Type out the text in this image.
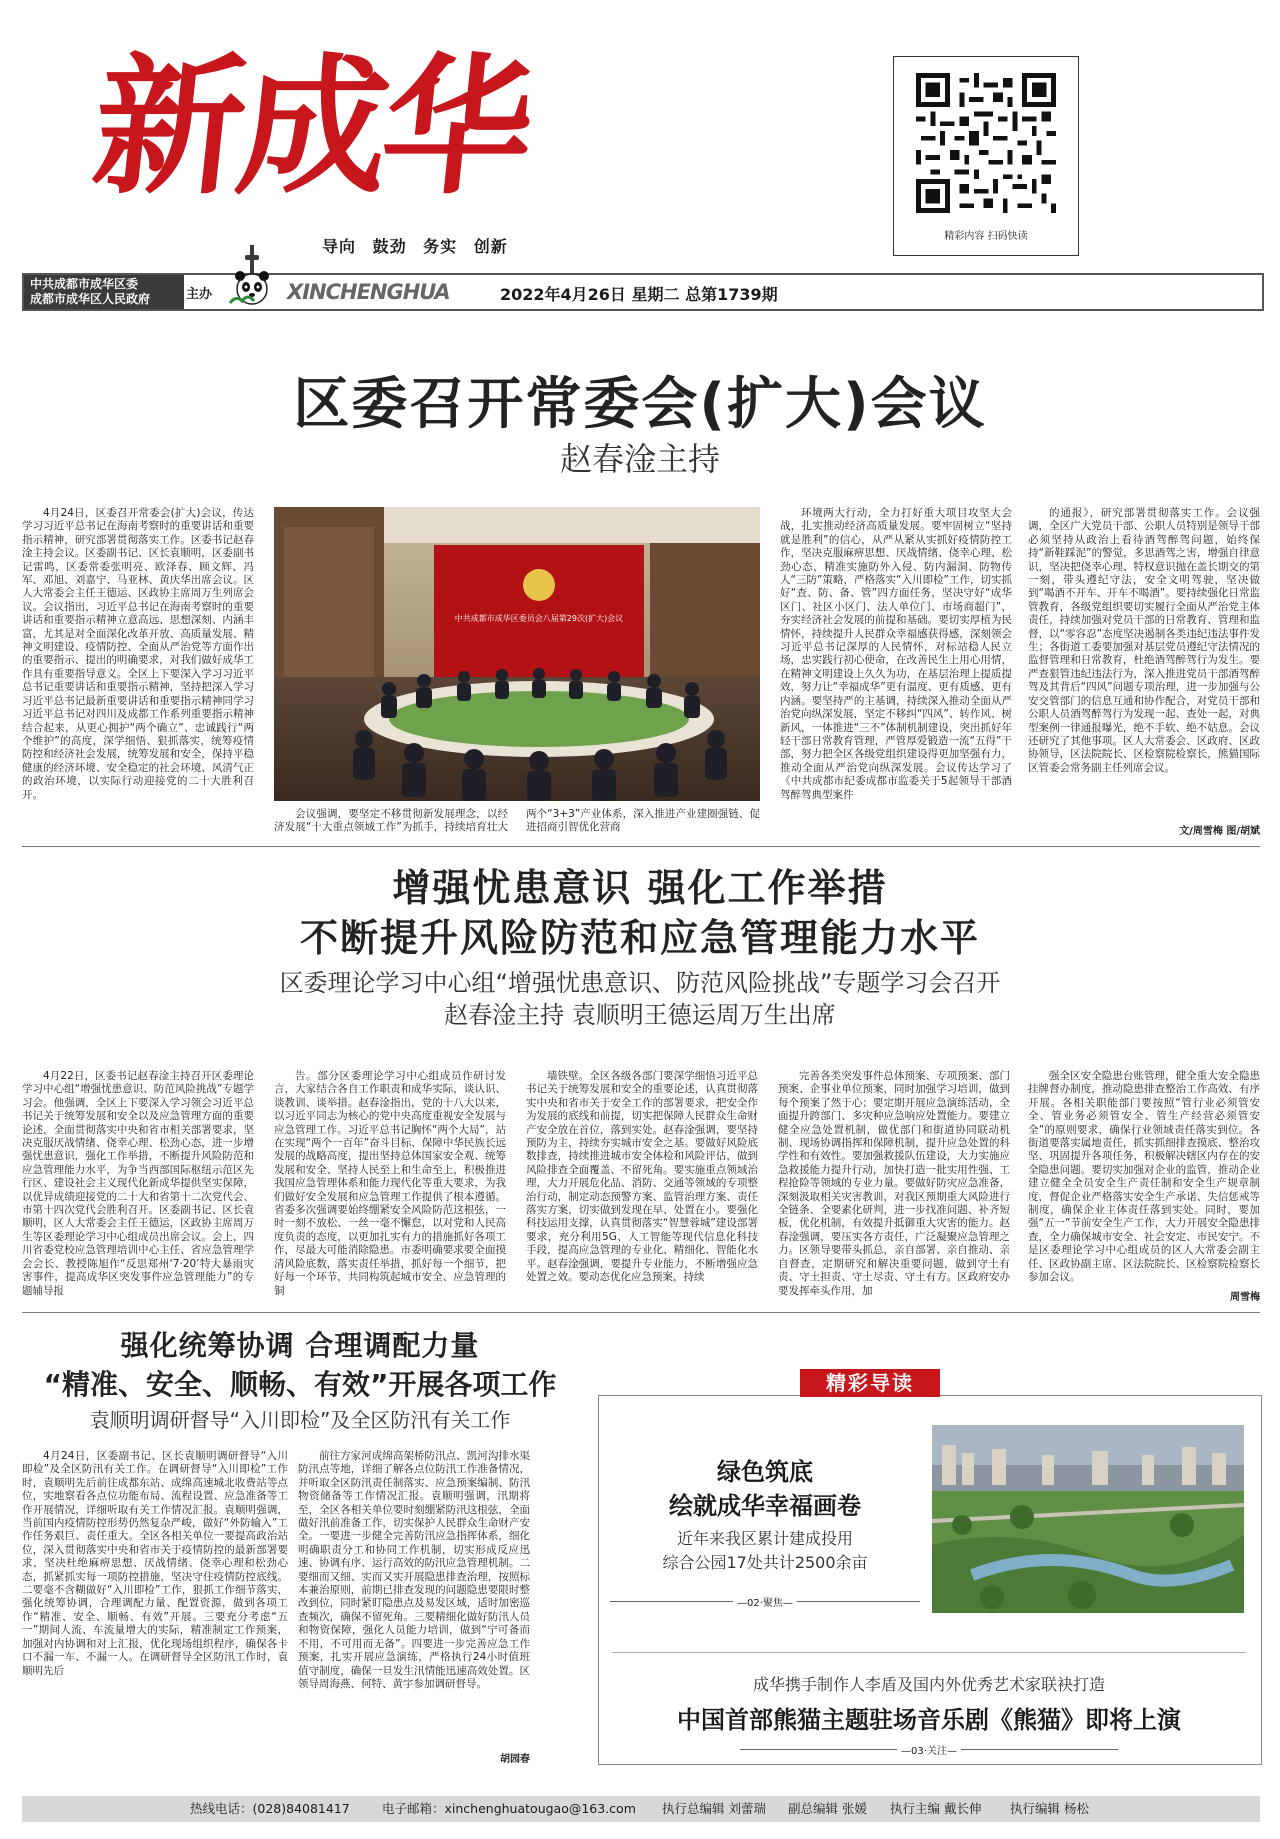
新成华
导向 鼓劲 务实 创新
精彩内容 扫码快读
中共成都市成华区委
成都市成华区人民政府	主办	XINCHENGHUA	2022年4月26日 星期二 总第1739期
区委召开常委会(扩大)会议
赵春淦主持

4月24日，区委召开常委会(扩大)会议，传达学习习近平总书记在海南考察时的重要讲话和重要指示精神，研究部署贯彻落实工作。区委书记赵春淦主持会议。区委副书记、区长袁顺明，区委副书记雷鸣，区委常委张明亮、欧泽春、顾文辉、冯军、邓旭、刘嘉宁、马亚林、黄庆华出席会议。区人大常委会主任王德运、区政协主席周万生列席会议。会议指出，习近平总书记在海南考察时的重要讲话和重要指示精神立意高远、思想深刻、内涵丰富，尤其是对全面深化改革开放、高质量发展、精神文明建设、疫情防控、全面从严治党等方面作出的重要指示、提出的明确要求，对我们做好成华工作具有重要指导意义。全区上下要深入学习习近平总书记重要讲话和重要指示精神，坚持把深入学习习近平总书记最新重要讲话和重要指示精神同学习习近平总书记对四川及成都工作系列重要指示精神结合起来，从更心拥护“两个确立”、忠诚践行“两个维护”的高度，深学细悟、狠抓落实，统筹疫情防控和经济社会发展，统筹发展和安全，保持平稳健康的经济环境、安全稳定的社会环境、风清气正的政治环境，以实际行动迎接党的二十大胜利召开。

中共成都市成华区委员会八届第29次(扩大)会议

会议强调，要坚定不移贯彻新发展理念，以经济发展“十大重点领域工作”为抓手，持续培育壮大两个“3+3”产业体系，深入推进产业建圈强链、促进招商引智优化营商

环境两大行动，全力打好重大项目攻坚大会战，扎实推动经济高质量发展。要牢固树立“坚持就是胜利”的信心，从严从紧从实抓好疫情防控工作，坚决克服麻痹思想、厌战情绪、侥幸心理、松劲心态，精准实施防外入侵、防内漏洞、防物传人“三防”策略，严格落实“入川即检”工作，切实抓好“查、防、备、管”四方面任务，坚决守好“成华区门、社区小区门、法人单位门、市场商超门”，夯实经济社会发展的前提和基础。要切实厚植为民情怀，持续提升人民群众幸福感获得感，深刻领会习近平总书记深厚的人民情怀，对标站稳人民立场，忠实践行初心使命，在改善民生上用心用情，在精神文明建设上久久为功，在基层治理上提质提效，努力让“幸福成华”更有温度、更有质感、更有内涵。要坚持严的主基调，持续深入推动全面从严治党向纵深发展，坚定不移纠“四风”、转作风、树新风，一体推进“三不”体制机制建设，突出抓好年轻干部日常教育管理，严管厚爱锻造一流“五得”干部，努力把全区各级党组织建设得更加坚强有力，推动全面从严治党向纵深发展。会议传达学习了《中共成都市纪委成都市监委关于5起领导干部酒驾醉驾典型案件

的通报》，研究部署贯彻落实工作。会议强调，全区广大党员干部、公职人员特别是领导干部必须坚持从政治上看待酒驾醉驾问题，始终保持“新鞋踩泥”的警觉，多思酒驾之害，增强自律意识，坚决把侥幸心理、特权意识抛在盖长期交的第一刻，带头遵纪守法，安全文明驾驶，坚决做到“喝酒不开车、开车不喝酒”。要持续强化日常监管教育，各级党组织要切实履行全面从严治党主体责任，持续加强对党员干部的日常教育、管理和监督，以“零容忍”态度坚决遏制各类违纪违法事件发生；各街道工委要加强对基层党员遵纪守法情况的监督管理和日常教育，杜绝酒驾醉驾行为发生。要严查狠管违纪违法行为，深入推进党员干部酒驾醉驾及其背后“四风”问题专项治理，进一步加强与公安交管部门的信息互通和协作配合，对党员干部和公职人员酒驾醉驾行为发现一起、查处一起，对典型案例一律通报曝光，绝不手软、绝不姑息。会议还研究了其他事项。区人大常委会、区政府、区政协领导，区法院院长、区检察院检察长，熊猫国际区管委会常务副主任列席会议。

文/周雪梅 图/胡斌
增强忧患意识 强化工作举措
不断提升风险防范和应急管理能力水平
区委理论学习中心组“增强忧患意识、防范风险挑战”专题学习会召开
赵春淦主持 袁顺明王德运周万生出席

4月22日，区委书记赵春淦主持召开区委理论学习中心组“增强忧患意识、防范风险挑战”专题学习会。他强调，全区上下要深入学习领会习近平总书记关于统筹发展和安全以及应急管理方面的重要论述，全面贯彻落实中央和省市相关部署要求，坚决克服厌战情绪、侥幸心理、松劲心态，进一步增强忧患意识，强化工作举措，不断提升风险防范和应急管理能力水平，为争当西部国际枢纽示范区先行区、建设社会主义现代化新成华提供坚实保障，以优异成绩迎接党的二十大和省第十二次党代会、市第十四次党代会胜利召开。区委副书记、区长袁顺明，区人大常委会主任王德运，区政协主席周万生等区委理论学习中心组成员出席会议。会上，四川省委党校应急管理培训中心主任、省应急管理学会会长、教授陈旭作“反思郑州‘7·20’特大暴雨灾害事件，提高成华区突发事件应急管理能力”的专题辅导报

告。部分区委理论学习中心组成员作研讨发言，大家结合各自工作职责和成华实际，谈认识、谈教训、谈举措。赵春淦指出，党的十八大以来，以习近平同志为核心的党中央高度重视安全发展与应急管理工作。习近平总书记胸怀“两个大局”，站在实现“两个一百年”奋斗目标、保障中华民族长远发展的战略高度，提出坚持总体国家安全观、统筹发展和安全、坚持人民至上和生命至上，积极推进我国应急管理体系和能力现代化等重大要求，为我们做好安全发展和应急管理工作提供了根本遵循。省委多次强调要始终绷紧安全风险防范这根弦，一时一刻不放松、一丝一毫不懈怠，以对党和人民高度负责的态度，以更加扎实有力的措施抓好各项工作，尽最大可能消除隐患。市委明确要求要全面摸清风险底数，落实责任举措，抓好每一个细节，把好每一个环节，共同构筑起城市安全、应急管理的铜

墙铁壁。全区各级各部门要深学细悟习近平总书记关于统筹发展和安全的重要论述，认真贯彻落实中央和省市关于安全工作的部署要求，把安全作为发展的底线和前提，切实把保障人民群众生命财产安全放在首位，落到实处。赵春淦强调，要坚持预防为主，持续夯实城市安全之基。要做好风险底数排查，持续推进城市安全体检和风险评估，做到风险排查全面覆盖、不留死角。要实施重点领域治理，大力开展危化品、消防、交通等领域的专项整治行动，制定动态预警方案、监管治理方案、责任落实方案，切实做到发现在早、处置在小。要强化科技运用支撑，认真贯彻落实“智慧蓉城”建设部署要求，充分利用5G、人工智能等现代信息化科技手段，提高应急管理的专业化、精细化、智能化水平。赵春淦强调，要提升专业能力，不断增强应急处置之效。要动态优化应急预案，持续

完善各类突发事件总体预案、专项预案、部门预案、企事业单位预案，同时加强学习培训，做到每个预案了然于心；要定期开展应急演练活动，全面提升跨部门、多灾种应急响应处置能力。要建立健全应急处置机制，做优部门和街道协同联动机制、现场协调指挥和保障机制，提升应急处置的科学性和有效性。要加强救援队伍建设，大力实施应急救援能力提升行动，加快打造一批实用性强、工程抢险等领域的专业力量。要做好防灾应急准备，深刻汲取相关灾害教训，对我区预期重大风险进行全链条、全要素化研判，进一步找准问题、补齐短板，优化机制，有效提升抵御重大灾害的能力。赵春淦强调，要压实各方责任，广泛凝聚应急管理之力。区领导要带头抓总，亲自部署、亲自推动、亲自督查，定期研究和解决重要问题，做到守土有责、守土担责、守土尽责、守土有方。区政府安办要发挥牵头作用，加

强全区安全隐患台账管理，健全重大安全隐患挂牌督办制度，推动隐患排查整治工作高效、有序开展。各相关职能部门要按照“管行业必须管安全、管业务必须管安全、管生产经营必须管安全”的原则要求，确保行业领域责任落实到位。各街道要落实属地责任，抓实抓细排查摸底、整治攻坚、巩固提升各项任务，积极解决辖区内存在的安全隐患问题。要切实加强对企业的监管，推动企业建立健全全员安全生产责任制和安全生产规章制度，督促企业严格落实安全生产承诺、失信惩戒等制度，确保企业主体责任落到实处。同时，要加强“五一”节前安全生产工作，大力开展安全隐患排查，全力确保城市安全、社会安定、市民安宁。不是区委理论学习中心组成员的区人大常委会副主任、区政协副主席、区法院院长、区检察院检察长参加会议。

周雪梅
强化统筹协调 合理调配力量
“精准、安全、顺畅、有效”开展各项工作
袁顺明调研督导“入川即检”及全区防汛有关工作

4月24日，区委副书记、区长袁顺明调研督导“入川即检”及全区防汛有关工作。在调研督导“入川即检”工作时，袁顺明先后前往成都东站、成绵高速城北收费站等点位，实地察看各点位功能布局、流程设置、应急准备等工作开展情况，详细听取有关工作情况汇报。袁顺明强调，当前国内疫情防控形势仍然复杂严峻，做好“外防输入”工作任务艰巨、责任重大。全区各相关单位一要提高政治站位，深入贯彻落实中央和省市关于疫情防控的最新部署要求，坚决杜绝麻痹思想、厌战情绪、侥幸心理和松劲心态，抓紧抓实每一项防控措施，坚决守住疫情防控底线。二要毫不含糊做好“入川即检”工作，狠抓工作细节落实，强化统筹协调，合理调配力量、配置资源，做到各项工作“精准、安全、顺畅、有效”开展。三要充分考虑“五一”期间人流、车流量增大的实际，精准制定工作预案，加强对内协调和对上汇报，优化现场组织程序，确保各卡口不漏一车、不漏一人。在调研督导全区防汛工作时，袁顺明先后

前往方家河成绵高架桥防汛点、凯河沟排水渠防汛点等地，详细了解各点位防汛工作准备情况，并听取全区防汛责任制落实、应急预案编制、防汛物资储备等工作情况汇报。袁顺明强调，汛期将至，全区各相关单位要时刻绷紧防汛这根弦，全面做好汛前准备工作，切实保护人民群众生命财产安全。一要进一步健全完善防汛应急指挥体系，细化明确职责分工和协同工作机制，切实形成反应迅速、协调有序、运行高效的防汛应急管理机制。二要细而又细、实而又实开展隐患排查治理，按照标本兼治原则，前期已排查发现的问题隐患要限时整改到位，同时紧盯隐患点及易发区域，适时加密巡查频次，确保不留死角。三要精细化做好防汛人员和物资保障，强化人员能力培训，做到“宁可备而不用，不可用而无备”。四要进一步完善应急工作预案，扎实开展应急演练，严格执行24小时值班值守制度，确保一旦发生汛情能迅速高效处置。区领导周海燕、何特、黄宇参加调研督导。

胡园春
精彩导读
绿色筑底
绘就成华幸福画卷
近年来我区累计建成投用
综合公园17处共计2500余亩
—02·聚焦—
成华携手制作人李盾及国内外优秀艺术家联袂打造
中国首部熊猫主题驻场音乐剧《熊猫》即将上演
—03·关注—
热线电话：(028)84081417	电子邮箱：xinchenghuatougao@163.com 执行总编辑 刘蕾瑞 副总编辑 张媛 执行主编 戴长伸 执行编辑 杨松
